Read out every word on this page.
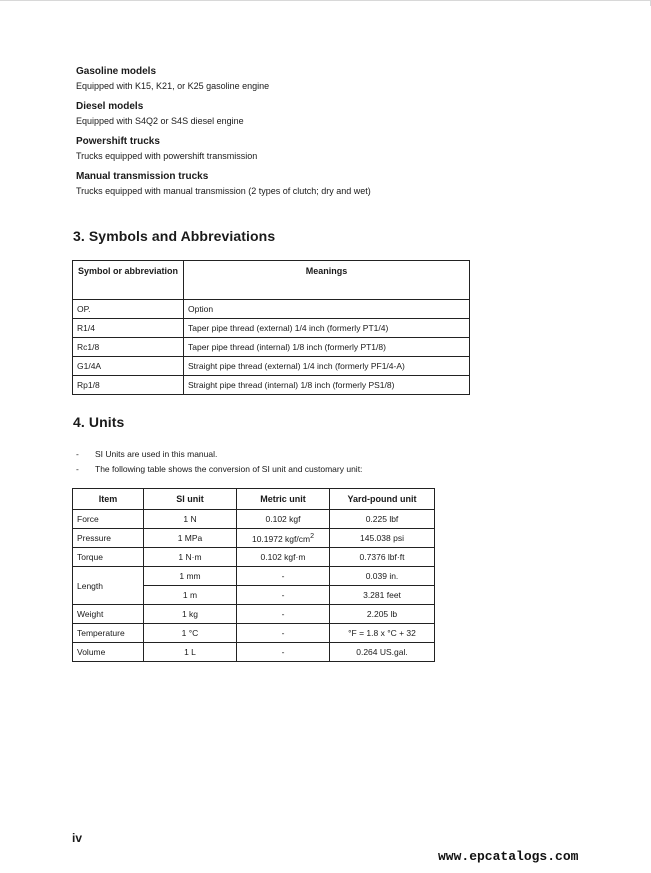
Gasoline models
Equipped with K15, K21, or K25 gasoline engine
Diesel models
Equipped with S4Q2 or S4S diesel engine
Powershift trucks
Trucks equipped with powershift transmission
Manual transmission trucks
Trucks equipped with manual transmission (2 types of clutch; dry and wet)
3. Symbols and Abbreviations
Symbol or abbreviation	Meanings
OP.	Option
R1/4	Taper pipe thread (external) 1/4 inch (formerly PT1/4)
Rc1/8	Taper pipe thread (internal) 1/8 inch (formerly PT1/8)
G1/4A	Straight pipe thread (external) 1/4 inch (formerly PF1/4-A)
Rp1/8	Straight pipe thread (internal) 1/8 inch (formerly PS1/8)
4. Units
- SI Units are used in this manual.
- The following table shows the conversion of SI unit and customary unit:
Item	SI unit	Metric unit	Yard-pound unit
Force	1 N	0.102 kgf	0.225 lbf
Pressure	1 MPa	10.1972 kgf/$cm^2$	145.038 psi
Torque	1 N·m	0.102 kgf·m	0.7376 lbf·ft
Length	1 mm	-	0.039 in.
	1 m	-	3.281 feet
Weight	1 kg	-	2.205 lb
Temperature	1 °C	-	°F = 1.8 x °C + 32
Volume	1 L	-	0.264 US.gal.
iv
www.epcatalogs.com
